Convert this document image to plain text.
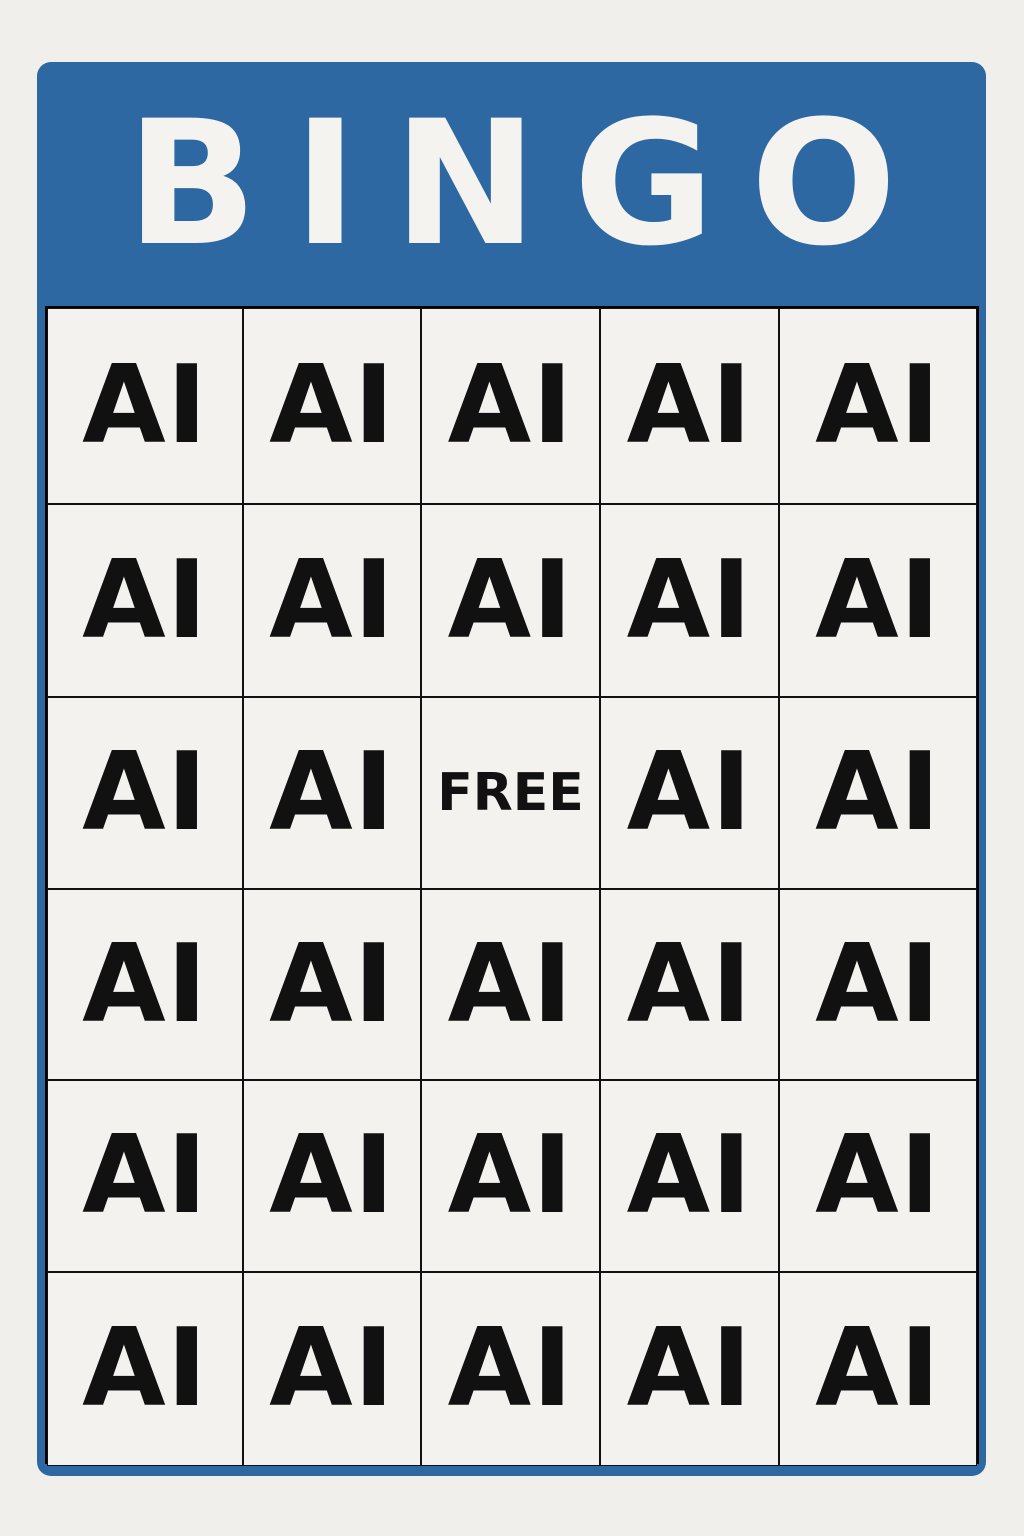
BINGO
AI AI AI AI AI
AI AI AI AI AI
AI AI FREE AI AI
AI AI AI AI AI
AI AI AI AI AI
AI AI AI AI AI
